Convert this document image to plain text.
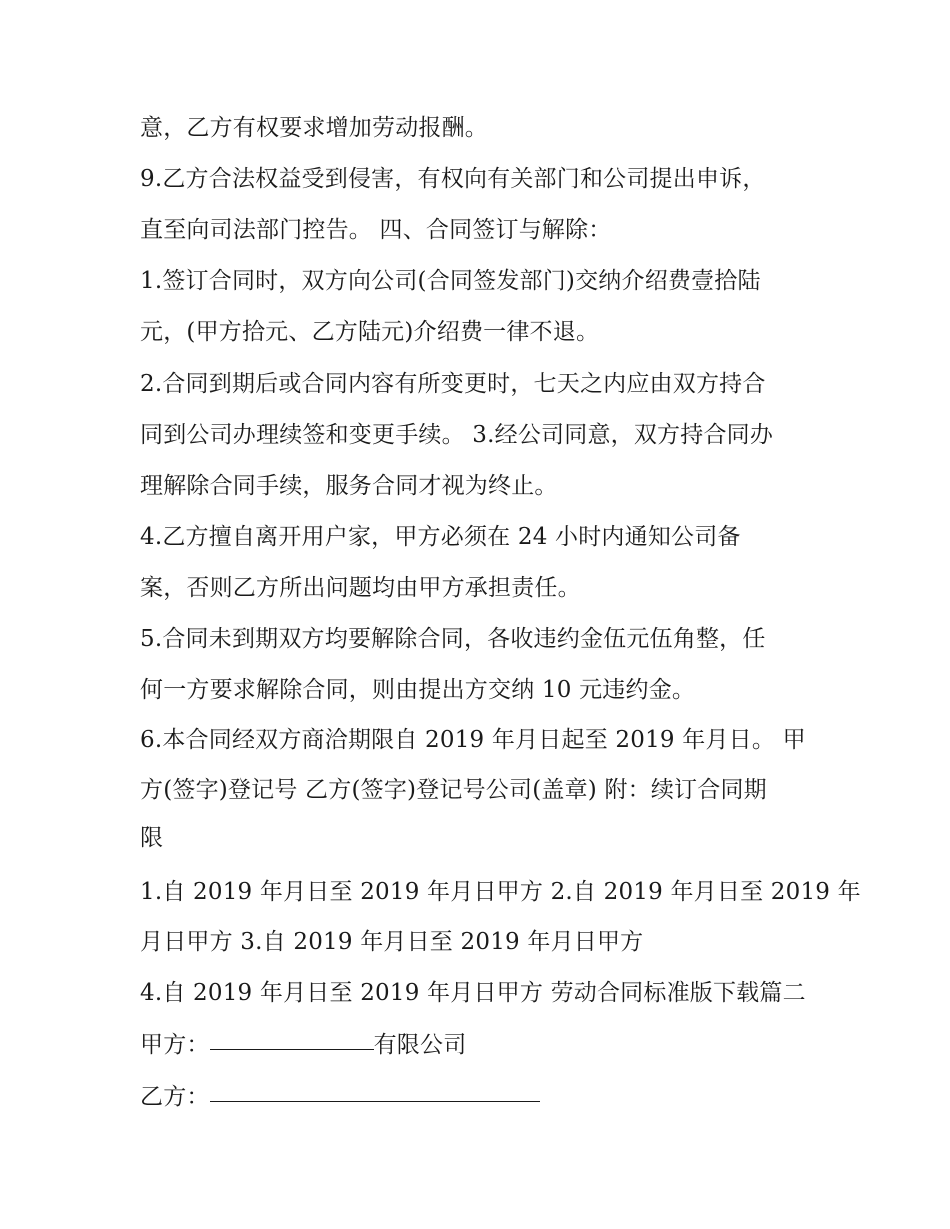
意，乙方有权要求增加劳动报酬。
9.乙方合法权益受到侵害，有权向有关部门和公司提出申诉，
直至向司法部门控告。 四、合同签订与解除：
1.签订合同时，双方向公司(合同签发部门)交纳介绍费壹拾陆
元，(甲方拾元、乙方陆元)介绍费一律不退。
2.合同到期后或合同内容有所变更时，七天之内应由双方持合
同到公司办理续签和变更手续。 3.经公司同意，双方持合同办
理解除合同手续，服务合同才视为终止。
4.乙方擅自离开用户家，甲方必须在 24 小时内通知公司备
案，否则乙方所出问题均由甲方承担责任。
5.合同未到期双方均要解除合同，各收违约金伍元伍角整，任
何一方要求解除合同，则由提出方交纳 10 元违约金。
6.本合同经双方商洽期限自 2019 年月日起至 2019 年月日。 甲
方(签字)登记号 乙方(签字)登记号公司(盖章) 附：续订合同期
限
1.自 2019 年月日至 2019 年月日甲方 2.自 2019 年月日至 2019 年
月日甲方 3.自 2019 年月日至 2019 年月日甲方
4.自 2019 年月日至 2019 年月日甲方 劳动合同标准版下载篇二
甲方：	有限公司
乙方：
